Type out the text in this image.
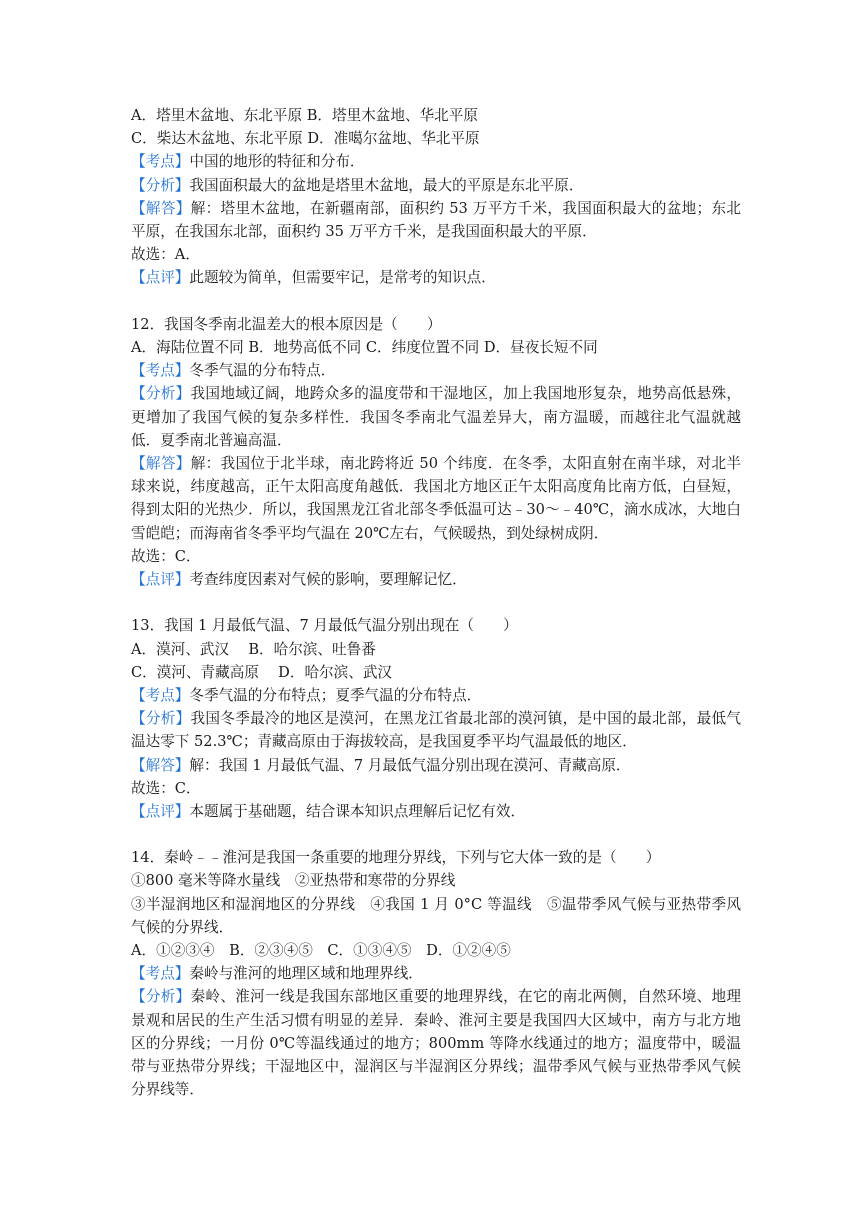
A．塔里木盆地、东北平原 B．塔里木盆地、华北平原
C．柴达木盆地、东北平原 D．准噶尔盆地、华北平原
【考点】中国的地形的特征和分布．
【分析】我国面积最大的盆地是塔里木盆地，最大的平原是东北平原．
【解答】解：塔里木盆地，在新疆南部，面积约 53 万平方千米，我国面积最大的盆地；东北平原，在我国东北部，面积约 35 万平方千米，是我国面积最大的平原．
故选：A．
【点评】此题较为简单，但需要牢记，是常考的知识点．
12．我国冬季南北温差大的根本原因是（　　）
A．海陆位置不同 B．地势高低不同 C．纬度位置不同 D．昼夜长短不同
【考点】冬季气温的分布特点．
【分析】我国地域辽阔，地跨众多的温度带和干湿地区，加上我国地形复杂，地势高低悬殊，更增加了我国气候的复杂多样性．我国冬季南北气温差异大，南方温暖，而越往北气温就越低．夏季南北普遍高温．
【解答】解：我国位于北半球，南北跨将近 50 个纬度．在冬季，太阳直射在南半球，对北半球来说，纬度越高，正午太阳高度角越低．我国北方地区正午太阳高度角比南方低，白昼短，得到太阳的光热少．所以，我国黑龙江省北部冬季低温可达﹣30～﹣40℃，滴水成冰，大地白雪皑皑；而海南省冬季平均气温在 20℃左右，气候暖热，到处绿树成阴．
故选：C．
【点评】考查纬度因素对气候的影响，要理解记忆．
13．我国 1 月最低气温、7 月最低气温分别出现在（　　）
A．漠河、武汉　 B．哈尔滨、吐鲁番
C．漠河、青藏高原　 D．哈尔滨、武汉
【考点】冬季气温的分布特点；夏季气温的分布特点．
【分析】我国冬季最冷的地区是漠河，在黑龙江省最北部的漠河镇，是中国的最北部，最低气温达零下 52.3℃；青藏高原由于海拔较高，是我国夏季平均气温最低的地区．
【解答】解：我国 1 月最低气温、7 月最低气温分别出现在漠河、青藏高原．
故选：C．
【点评】本题属于基础题，结合课本知识点理解后记忆有效．
14．秦岭﹣﹣淮河是我国一条重要的地理分界线，下列与它大体一致的是（　　）
①800 毫米等降水量线　②亚热带和寒带的分界线
③半湿润地区和湿润地区的分界线　④我国 1 月 0°C 等温线　⑤温带季风气候与亚热带季风气候的分界线．
A．①②③④　B．②③④⑤　C．①③④⑤　D．①②④⑤
【考点】秦岭与淮河的地理区域和地理界线．
【分析】秦岭、淮河一线是我国东部地区重要的地理界线，在它的南北两侧，自然环境、地理景观和居民的生产生活习惯有明显的差异．秦岭、淮河主要是我国四大区域中，南方与北方地区的分界线；一月份 0℃等温线通过的地方；800mm 等降水线通过的地方；温度带中，暖温带与亚热带分界线；干湿地区中，湿润区与半湿润区分界线；温带季风气候与亚热带季风气候分界线等．
